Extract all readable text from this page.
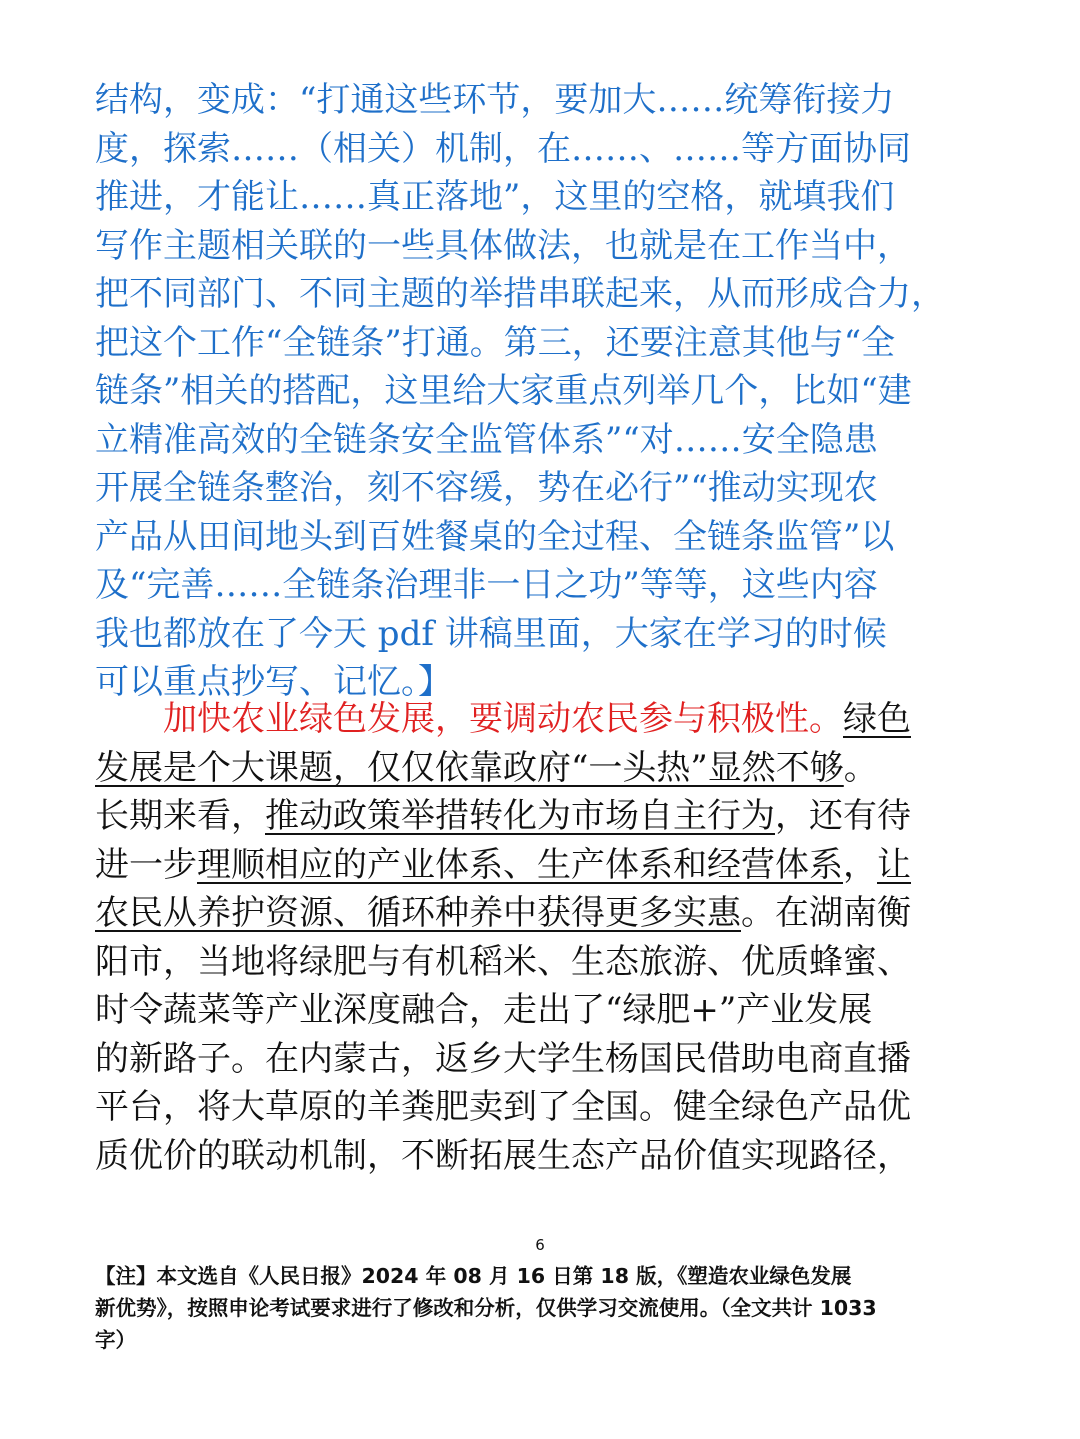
结构，变成：“打通这些环节，要加大……统筹衔接力
度，探索……（相关）机制，在……、……等方面协同
推进，才能让……真正落地”，这里的空格，就填我们
写作主题相关联的一些具体做法，也就是在工作当中，
把不同部门、不同主题的举措串联起来，从而形成合力，
把这个工作“全链条”打通。第三，还要注意其他与“全
链条”相关的搭配，这里给大家重点列举几个，比如“建
立精准高效的全链条安全监管体系”“对……安全隐患
开展全链条整治，刻不容缓，势在必行”“推动实现农
产品从田间地头到百姓餐桌的全过程、全链条监管”以
及“完善……全链条治理非一日之功”等等，这些内容
我也都放在了今天 pdf 讲稿里面，大家在学习的时候
可以重点抄写、记忆。】
　　加快农业绿色发展，要调动农民参与积极性。绿色
发展是个大课题，仅仅依靠政府“一头热”显然不够。
长期来看，推动政策举措转化为市场自主行为，还有待
进一步理顺相应的产业体系、生产体系和经营体系，让
农民从养护资源、循环种养中获得更多实惠。在湖南衡
阳市，当地将绿肥与有机稻米、生态旅游、优质蜂蜜、
时令蔬菜等产业深度融合，走出了“绿肥+”产业发展
的新路子。在内蒙古，返乡大学生杨国民借助电商直播
平台，将大草原的羊粪肥卖到了全国。健全绿色产品优
质优价的联动机制，不断拓展生态产品价值实现路径，
6
【注】本文选自《人民日报》2024 年 08 月 16 日第 18 版，《塑造农业绿色发展
新优势》，按照申论考试要求进行了修改和分析，仅供学习交流使用。（全文共计 1033
字）
